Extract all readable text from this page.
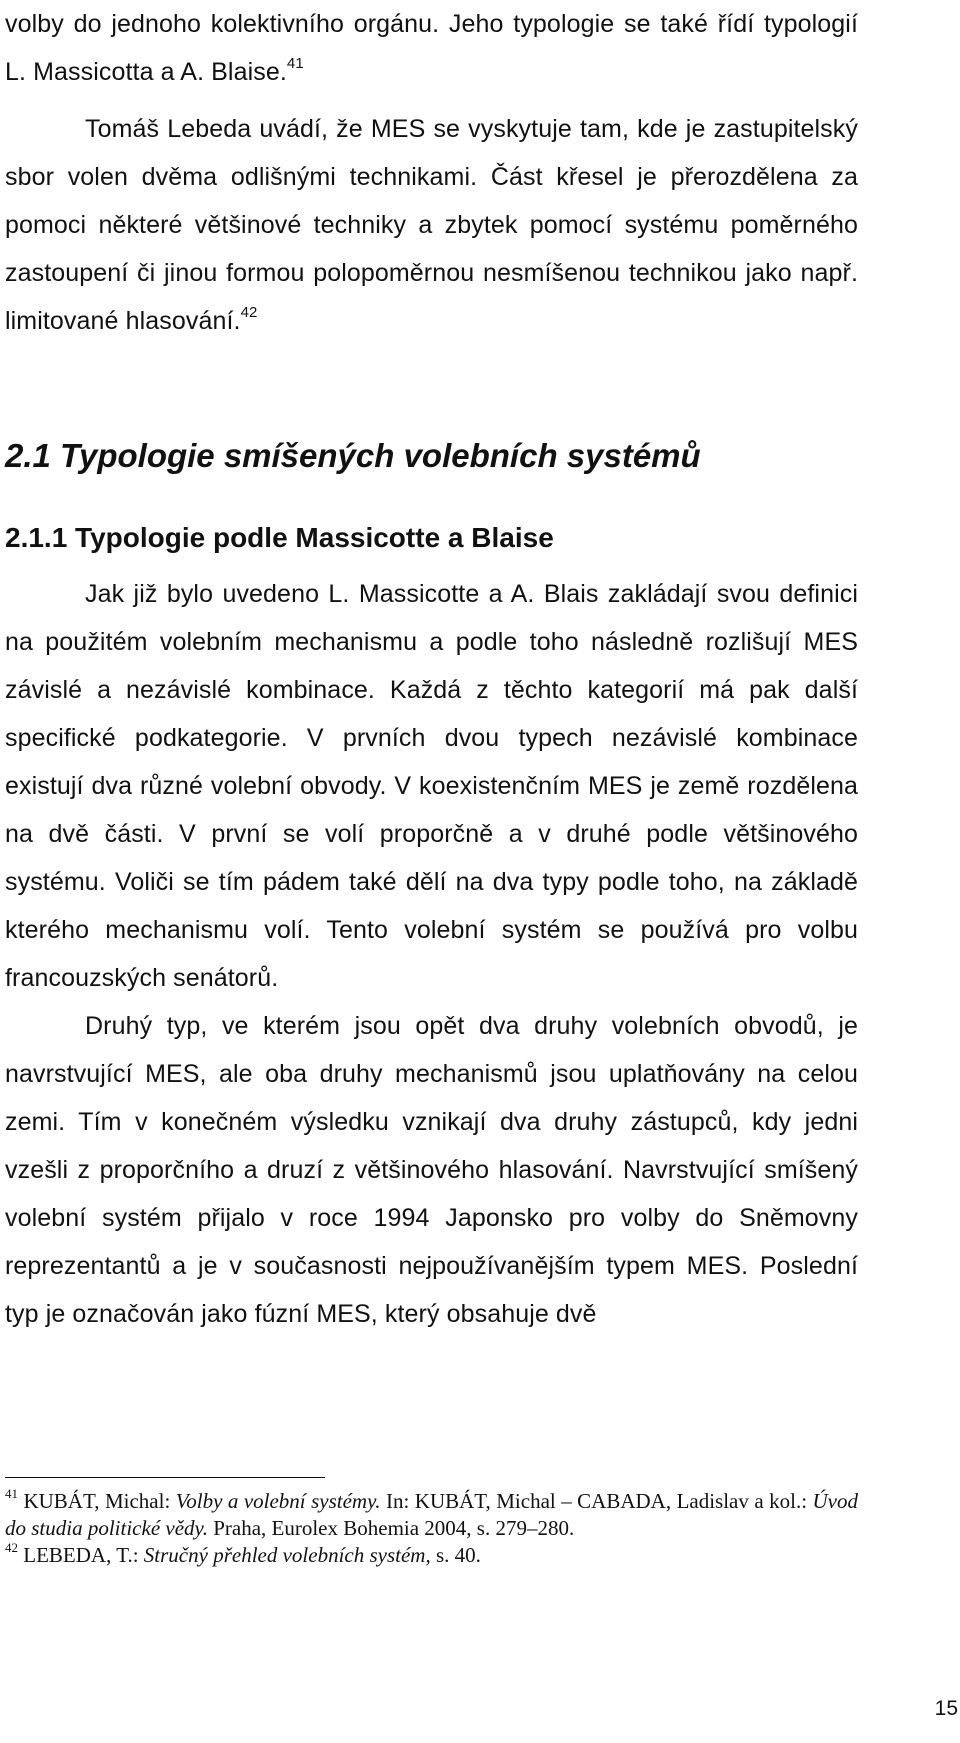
volby do jednoho kolektivního orgánu. Jeho typologie se také řídí typologií L. Massicotta a A. Blaise.$^{41}$

Tomáš Lebeda uvádí, že MES se vyskytuje tam, kde je zastupitelský sbor volen dvěma odlišnými technikami. Část křesel je přerozdělena za pomoci některé většinové techniky a zbytek pomocí systému poměrného zastoupení či jinou formou polopoměrnou nesmíšenou technikou jako např. limitované hlasování.$^{42}$

2.1 Typologie smíšených volebních systémů
2.1.1 Typologie podle Massicotte a Blaise

Jak již bylo uvedeno L. Massicotte a A. Blais zakládají svou definici na použitém volebním mechanismu a podle toho následně rozlišují MES závislé a nezávislé kombinace. Každá z těchto kategorií má pak další specifické podkategorie. V prvních dvou typech nezávislé kombinace existují dva různé volební obvody. V koexistenčním MES je země rozdělena na dvě části. V první se volí proporčně a v druhé podle většinového systému. Voliči se tím pádem také dělí na dva typy podle toho, na základě kterého mechanismu volí. Tento volební systém se používá pro volbu francouzských senátorů.

Druhý typ, ve kterém jsou opět dva druhy volebních obvodů, je navrstvující MES, ale oba druhy mechanismů jsou uplatňovány na celou zemi. Tím v konečném výsledku vznikají dva druhy zástupců, kdy jedni vzešli z proporčního a druzí z většinového hlasování. Navrstvující smíšený volební systém přijalo v roce 1994 Japonsko pro volby do Sněmovny reprezentantů a je v současnosti nejpoužívanějším typem MES. Poslední typ je označován jako fúzní MES, který obsahuje dvě

$^{41}$ KUBÁT, Michal: Volby a volební systémy. In: KUBÁT, Michal – CABADA, Ladislav a kol.: Úvod do studia politické vědy. Praha, Eurolex Bohemia 2004, s. 279–280.

$^{42}$ LEBEDA, T.: Stručný přehled volebních systém, s. 40.

15
